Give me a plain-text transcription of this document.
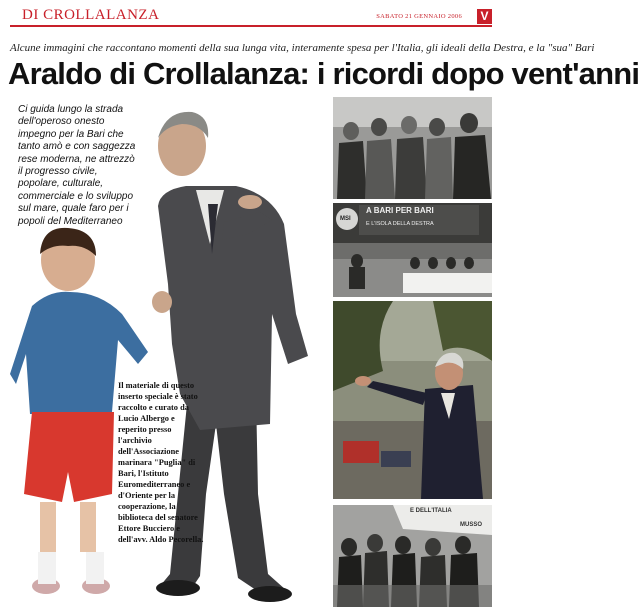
DI CROLLALANZA	SABATO 21 GENNAIO 2006 V
Alcune immagini che raccontano momenti della sua lunga vita, interamente spesa per l'Italia, gli ideali della Destra, e la "sua" Bari
Araldo di Crollalanza: i ricordi dopo vent'anni
Ci guida lungo la strada dell'operoso onesto impegno per la Bari che tanto amò e con saggezza rese moderna, ne attrezzò il progresso civile, popolare, culturale, commerciale e lo sviluppo sul mare, quale faro per i popoli del Mediterraneo
Il materiale di questo inserto speciale è stato raccolto e curato da Lucio Albergo e reperito presso l'archivio dell'Associazione marinara "Puglia" di Bari, l'Istituto Euromediterraneo e d'Oriente per la cooperazione, la biblioteca del senatore Ettore Bucciero e dell'avv. Aldo Pecorella.
MSI
A BARI PER BARI
E L'ISOLA DELLA DESTRA
E DELL'ITALIA
MUSSO
